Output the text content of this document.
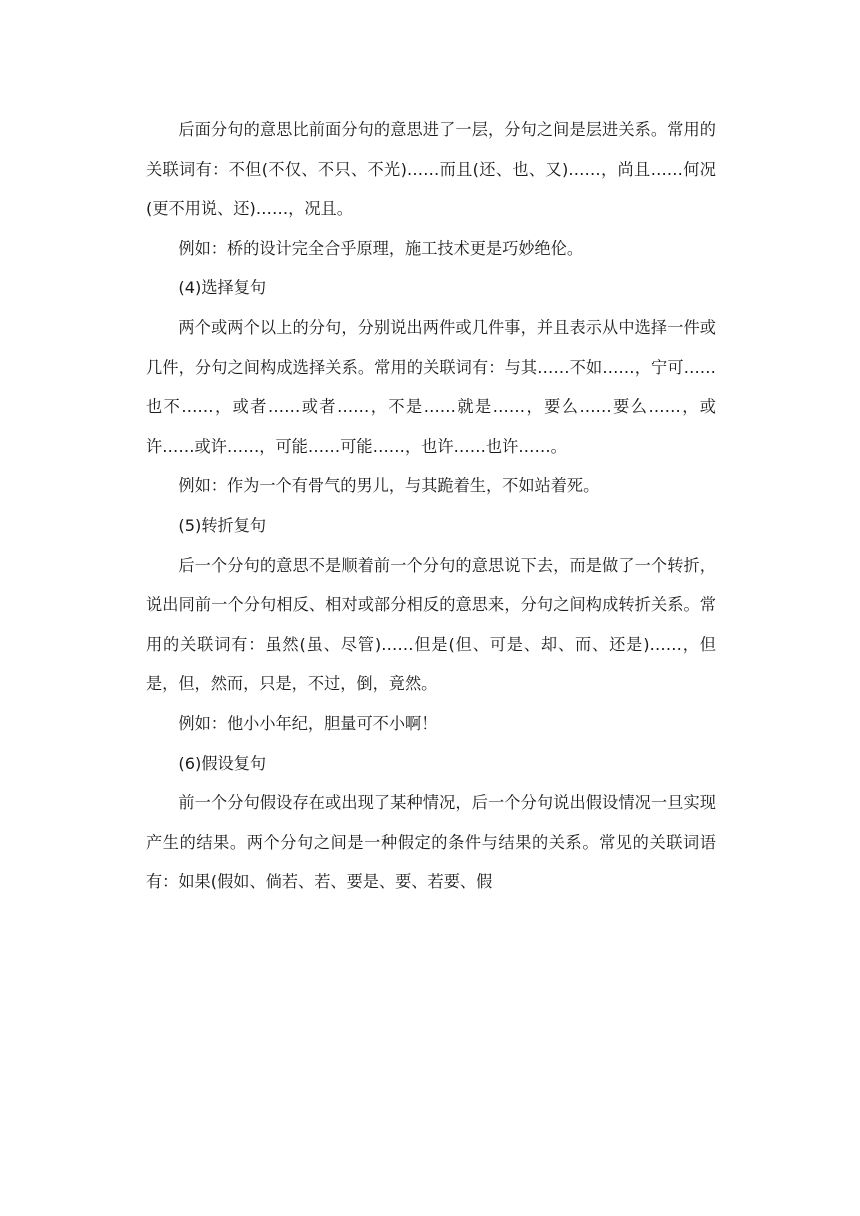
后面分句的意思比前面分句的意思进了一层，分句之间是层进关系。常用的关联词有：不但(不仅、不只、不光)……而且(还、也、又)……，尚且……何况(更不用说、还)……，况且。

例如：桥的设计完全合乎原理，施工技术更是巧妙绝伦。

(4)选择复句

两个或两个以上的分句，分别说出两件或几件事，并且表示从中选择一件或几件，分句之间构成选择关系。常用的关联词有：与其……不如……，宁可……也不……，或者……或者……，不是……就是……，要么……要么……，或许……或许……，可能……可能……，也许……也许……。

例如：作为一个有骨气的男儿，与其跪着生，不如站着死。

(5)转折复句

后一个分句的意思不是顺着前一个分句的意思说下去，而是做了一个转折，说出同前一个分句相反、相对或部分相反的意思来，分句之间构成转折关系。常用的关联词有：虽然(虽、尽管)……但是(但、可是、却、而、还是)……，但是，但，然而，只是，不过，倒，竟然。

例如：他小小年纪，胆量可不小啊！

(6)假设复句

前一个分句假设存在或出现了某种情况，后一个分句说出假设情况一旦实现产生的结果。两个分句之间是一种假定的条件与结果的关系。常见的关联词语有：如果(假如、倘若、若、要是、要、若要、假
